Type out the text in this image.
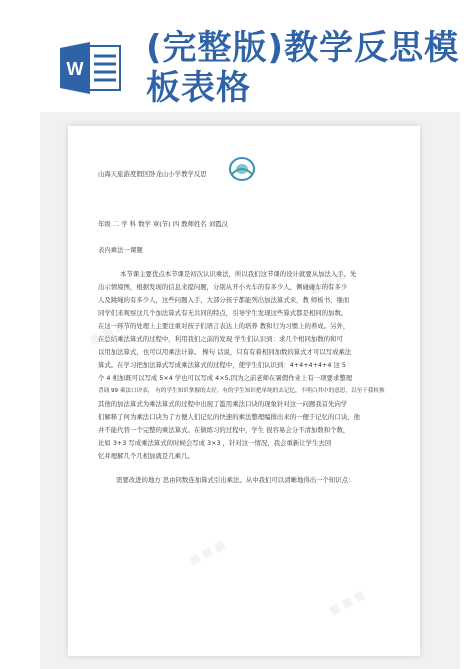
W
(完整版)教学反思模板表格
山海天旅游度假区卧龙山小学教学反思
年级 二 学 科 数学 章(节) 四 教师姓名 刘霞汉
表内乘法一课题
本节课主要优点本节课是初次认识乘法，所以我们这节课的设计就要从加法入手。先
出示情境图，根据发现的信息来提问题，分别从开小火车的有多少人，侧碰碰车的有多少
人及跳绳的有多少人，这些问题入手，大部分孩子都能列出加法算式来，教 师板书，继而
同学们来观察这几个加法算式有无共同的特点，引导学生发现这些算式都是相同的加数。
在这一环节的处理上主要注重对孩子们语言表达上的培养 教和行为习惯上的养成。另外，
在总结乘法算式的过程中，利用我们之前的发现 学生们认识到：求几个相同加数的和可
以用加法算式，也可以用乘法计算。 操句 话说，只有有着相同加数的算式才可以写成乘法
算式。在学习把加法算式写成乘法算式的过程中，使学生们认识到：4+4+4+4+4 这 5
个 4 相加既可以写成 5×4 学也可以写成 4×5,因为之前老师在暑假作业上有一项要求整理
背诵 99 乘法口诀表， 有的学生知识掌握的太好，有的学生知识把单纯的去记忆，不明白其中的意思，以至于我转换
其他的加法算式为乘法算式的过程中出现了滥用乘法口诀的现象针对这一问题我首先向学
们解释了何为乘法口诀为了方便人们记忆的快速的乘法整理编排出来的一便于记忆的口诀，他
并不能代替一个完整的乘法算式。在做练习的过程中，学生 很容易会分不清加数和个数，
比如 3+3 写成乘法算式的时候会写成 3×3 ，针对这一情况，我会重新让学生去回
忆并理解几个几相加就是几乘几。
需要改进的地方 思由同数连加算式引出乘法。从中我们可以清晰地得出一个知识点：
▦ ▦ ▦
▦ ▦ ▦
▦ ▦ ▦
▦ ▦ ▦
